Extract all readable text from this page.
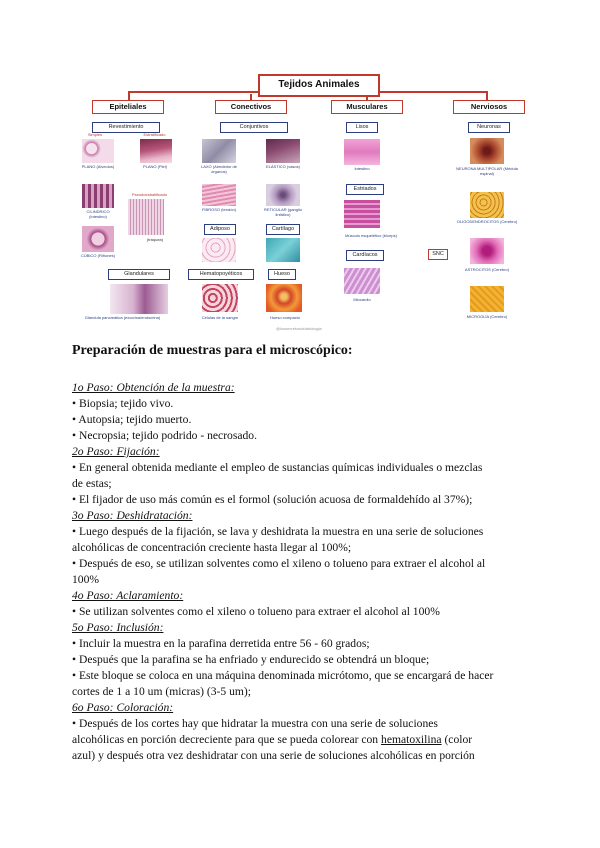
Tejidos Animales
Epiteliales	Conectivos	Musculares	Nerviosos
Revestimiento
Simples	Estratificado
PLANO (Alveolos)	PLANO (Piel)
Pseudoestratificado
CILINDRICO (Intestino)
(tráquea)
CÚBICO (Riñones)
Glandulares
Glándula pancreática (exocrina/endocrina)
Conjuntivos
LAXO (Alrededor de órganos)
ELÁSTICO (vasos)
FIBROSO (tendón)	RETICULAR (ganglio linfático)
Adiposo	Cartílago
Hematopoyéticos	Hueso
Células de la sangre	Hueso compacto
Lisos
Intestino
Estriados
Músculo esquelético (bíceps)
Cardíacos
Miocardio
Neuronas
NEURONA MULTIPOLAR (Médula espinal)
OLIGODENDROCITOS (Cerebro)
SNC
ASTROCITOS (Cerebro)
MICROGLÍA (Cerebro)
@lossecretosdelabiologia
Preparación de muestras para el microscópico:

1o Paso: Obtención de la muestra:

• Biopsia; tejido vivo.

• Autopsia; tejido muerto.

• Necropsia; tejido podrido - necrosado.

2o Paso: Fijación:

• En general obtenida mediante el empleo de sustancias químicas individuales o mezclas

de estas;

• El fijador de uso más común es el formol (solución acuosa de formaldehído al 37%);

3o Paso: Deshidratación:

• Luego después de la fijación, se lava y deshidrata la muestra en una serie de soluciones

alcohólicas de concentración creciente hasta llegar al 100%;

• Después de eso, se utilizan solventes como el xileno o tolueno para extraer el alcohol al

100%

4o Paso: Aclaramiento:

• Se utilizan solventes como el xileno o tolueno para extraer el alcohol al 100%

5o Paso: Inclusión:

• Incluir la muestra en la parafina derretida entre 56 - 60 grados;

• Después que la parafina se ha enfriado y endurecido se obtendrá un bloque;

• Este bloque se coloca en una máquina denominada micrótomo, que se encargará de hacer

cortes de 1 a 10 um (micras) (3-5 um);

6o Paso: Coloración:

• Después de los cortes hay que hidratar la muestra con una serie de soluciones

alcohólicas en porción decreciente para que se pueda colorear con hematoxilina (color

azul) y después otra vez deshidratar con una serie de soluciones alcohólicas en porción
